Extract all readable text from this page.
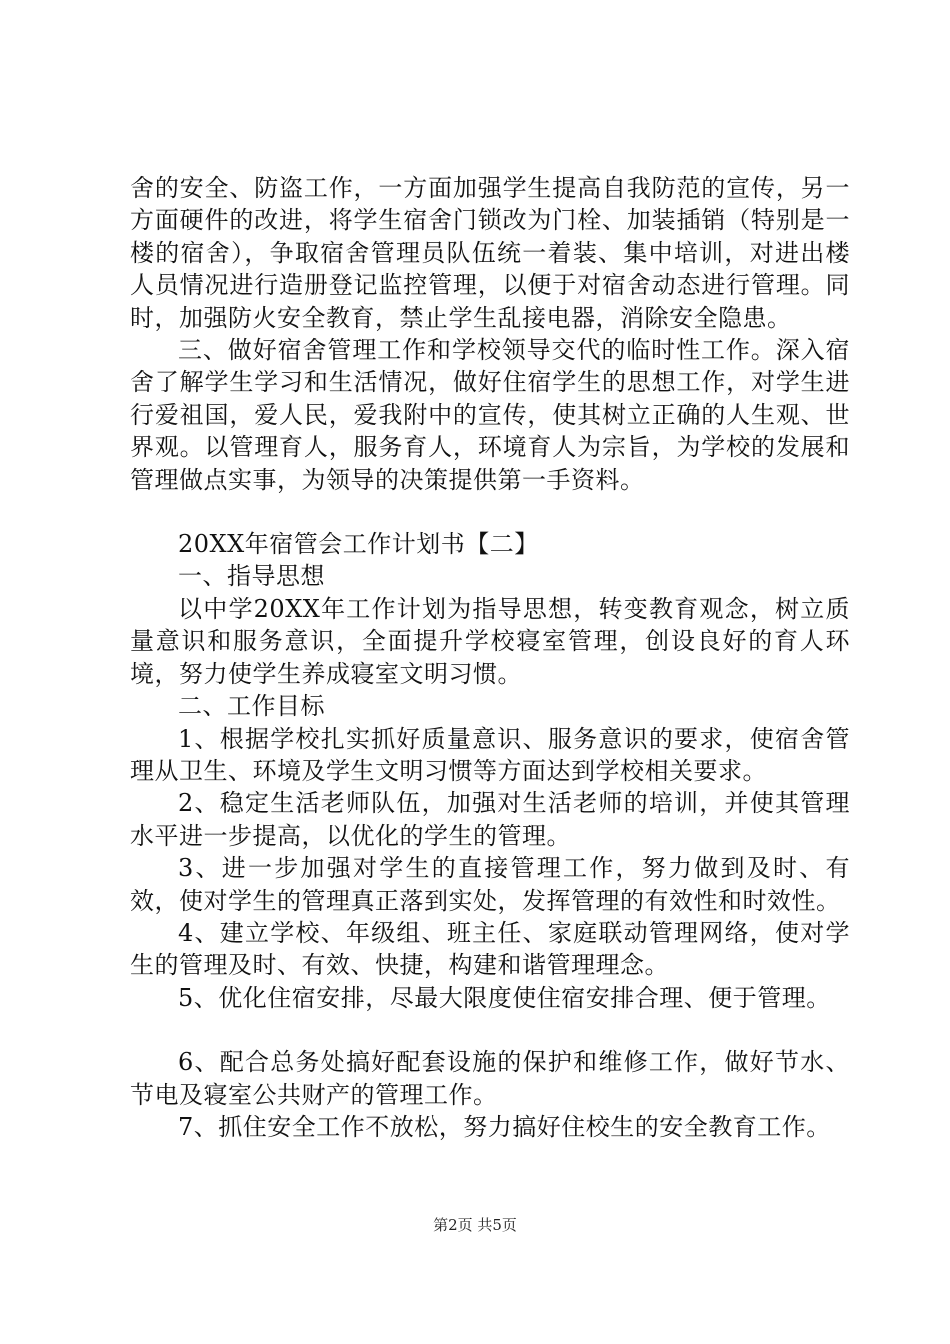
舍的安全、防盗工作，一方面加强学生提高自我防范的宣传，另一方面硬件的改进，将学生宿舍门锁改为门栓、加装插销（特别是一楼的宿舍），争取宿舍管理员队伍统一着装、集中培训，对进出楼人员情况进行造册登记监控管理，以便于对宿舍动态进行管理。同时，加强防火安全教育，禁止学生乱接电器，消除安全隐患。

三、做好宿舍管理工作和学校领导交代的临时性工作。深入宿舍了解学生学习和生活情况，做好住宿学生的思想工作，对学生进行爱祖国，爱人民，爱我附中的宣传，使其树立正确的人生观、世界观。以管理育人，服务育人，环境育人为宗旨，为学校的发展和管理做点实事，为领导的决策提供第一手资料。

20XX年宿管会工作计划书【二】

一、指导思想

以中学20XX年工作计划为指导思想，转变教育观念，树立质量意识和服务意识，全面提升学校寝室管理，创设良好的育人环境，努力使学生养成寝室文明习惯。

二、工作目标

1、根据学校扎实抓好质量意识、服务意识的要求，使宿舍管理从卫生、环境及学生文明习惯等方面达到学校相关要求。

2、稳定生活老师队伍，加强对生活老师的培训，并使其管理水平进一步提高，以优化的学生的管理。

3、进一步加强对学生的直接管理工作，努力做到及时、有效，使对学生的管理真正落到实处，发挥管理的有效性和时效性。

4、建立学校、年级组、班主任、家庭联动管理网络，使对学生的管理及时、有效、快捷，构建和谐管理理念。

5、优化住宿安排，尽最大限度使住宿安排合理、便于管理。

6、配合总务处搞好配套设施的保护和维修工作，做好节水、节电及寝室公共财产的管理工作。

7、抓住安全工作不放松，努力搞好住校生的安全教育工作。

第2页 共5页
